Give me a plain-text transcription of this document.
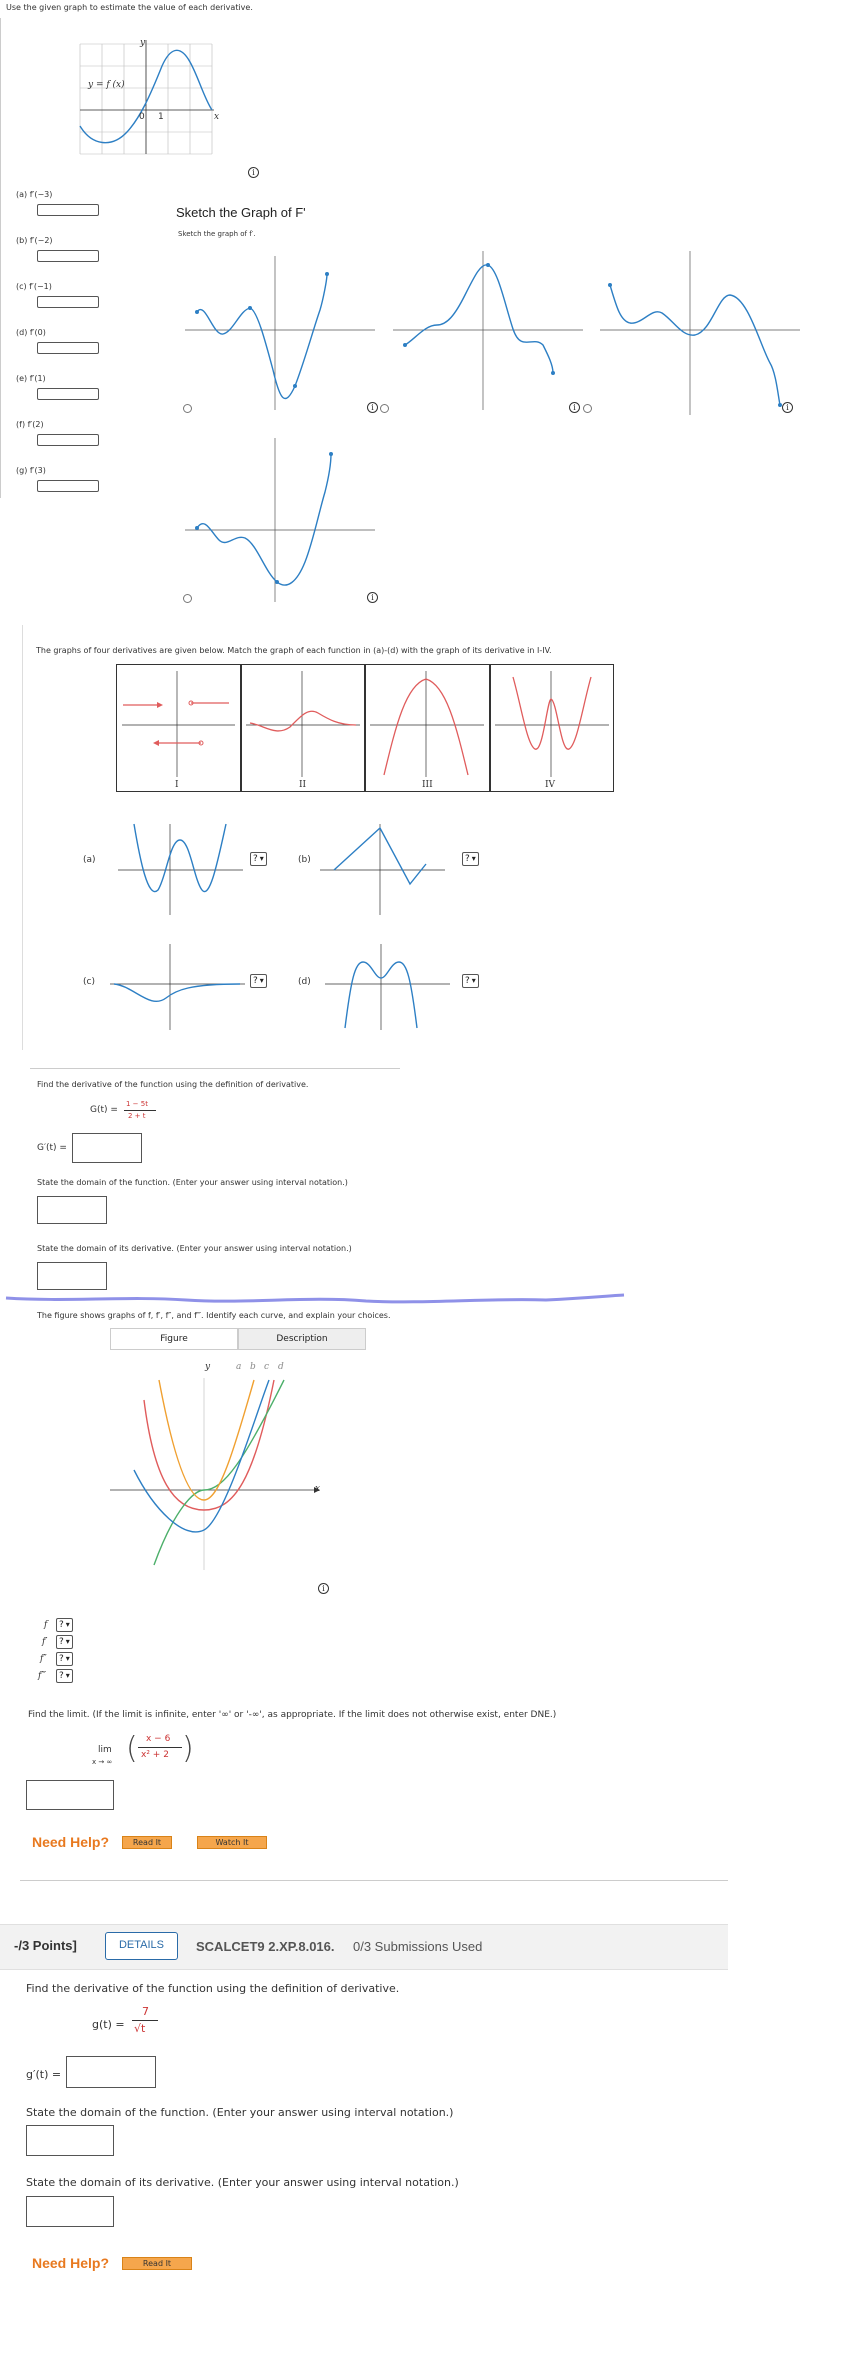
Use the given graph to estimate the value of each derivative.
y = f (x)
y
x
0 1
i
(a) f′(−3)
(b) f′(−2)
(c) f′(−1)
(d) f′(0)
(e) f′(1)
(f) f′(2)
(g) f′(3)
Sketch the Graph of F'
Sketch the graph of f′.
i	i	i
i
The graphs of four derivatives are given below. Match the graph of each function in (a)-(d) with the graph of its derivative in I-IV.
I	II	III	IV
(a)	? ▾	(b)	? ▾
(c)	? ▾	(d)	? ▾
Find the derivative of the function using the definition of derivative.
G(t) =
1 − 5t
2 + t
G′(t) =
State the domain of the function. (Enter your answer using interval notation.)
State the domain of its derivative. (Enter your answer using interval notation.)
The figure shows graphs of f, f′, f″, and f‴. Identify each curve, and explain your choices.
Figure	Description
y	a b c d
x
i
f	? ▾
f′	? ▾
f″	? ▾
f‴	? ▾
Find the limit. (If the limit is infinite, enter '∞' or '-∞', as appropriate. If the limit does not otherwise exist, enter DNE.)
lim
x → ∞ ( x − 6
x² + 2 )
Need Help?	Read It	Watch It
-/3 Points]	DETAILS	SCALCET9 2.XP.8.016. 0/3 Submissions Used
Find the derivative of the function using the definition of derivative.
g(t) =
7
√t
g′(t) =
State the domain of the function. (Enter your answer using interval notation.)
State the domain of its derivative. (Enter your answer using interval notation.)
Need Help?	Read It
